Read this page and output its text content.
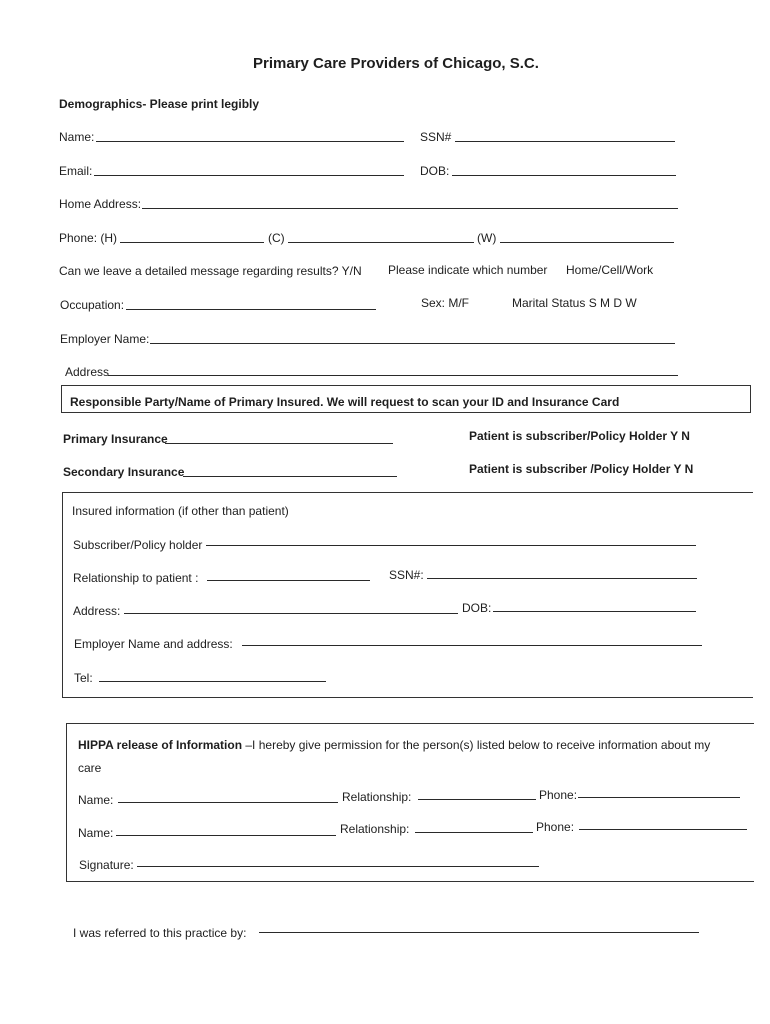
Primary Care Providers of Chicago, S.C.
Demographics- Please print legibly
Name:	SSN#
Email:	DOB:
Home Address:
Phone: (H)	(C)	(W)
Can we leave a detailed message regarding results? Y/N Please indicate which number Home/Cell/Work
Occupation:	Sex: M/F	Marital Status S M D W
Employer Name:
Address
Responsible Party/Name of Primary Insured. We will request to scan your ID and Insurance Card
Primary Insurance	Patient is subscriber/Policy Holder Y N
Secondary Insurance	Patient is subscriber /Policy Holder Y N
Insured information (if other than patient)
Subscriber/Policy holder
Relationship to patient :	SSN#:
Address:	DOB:
Employer Name and address:
Tel:
HIPPA release of Information –I hereby give permission for the person(s) listed below to receive information about my
care
Name:	Relationship:	Phone:
Name:	Relationship:	Phone:
Signature:
I was referred to this practice by:
